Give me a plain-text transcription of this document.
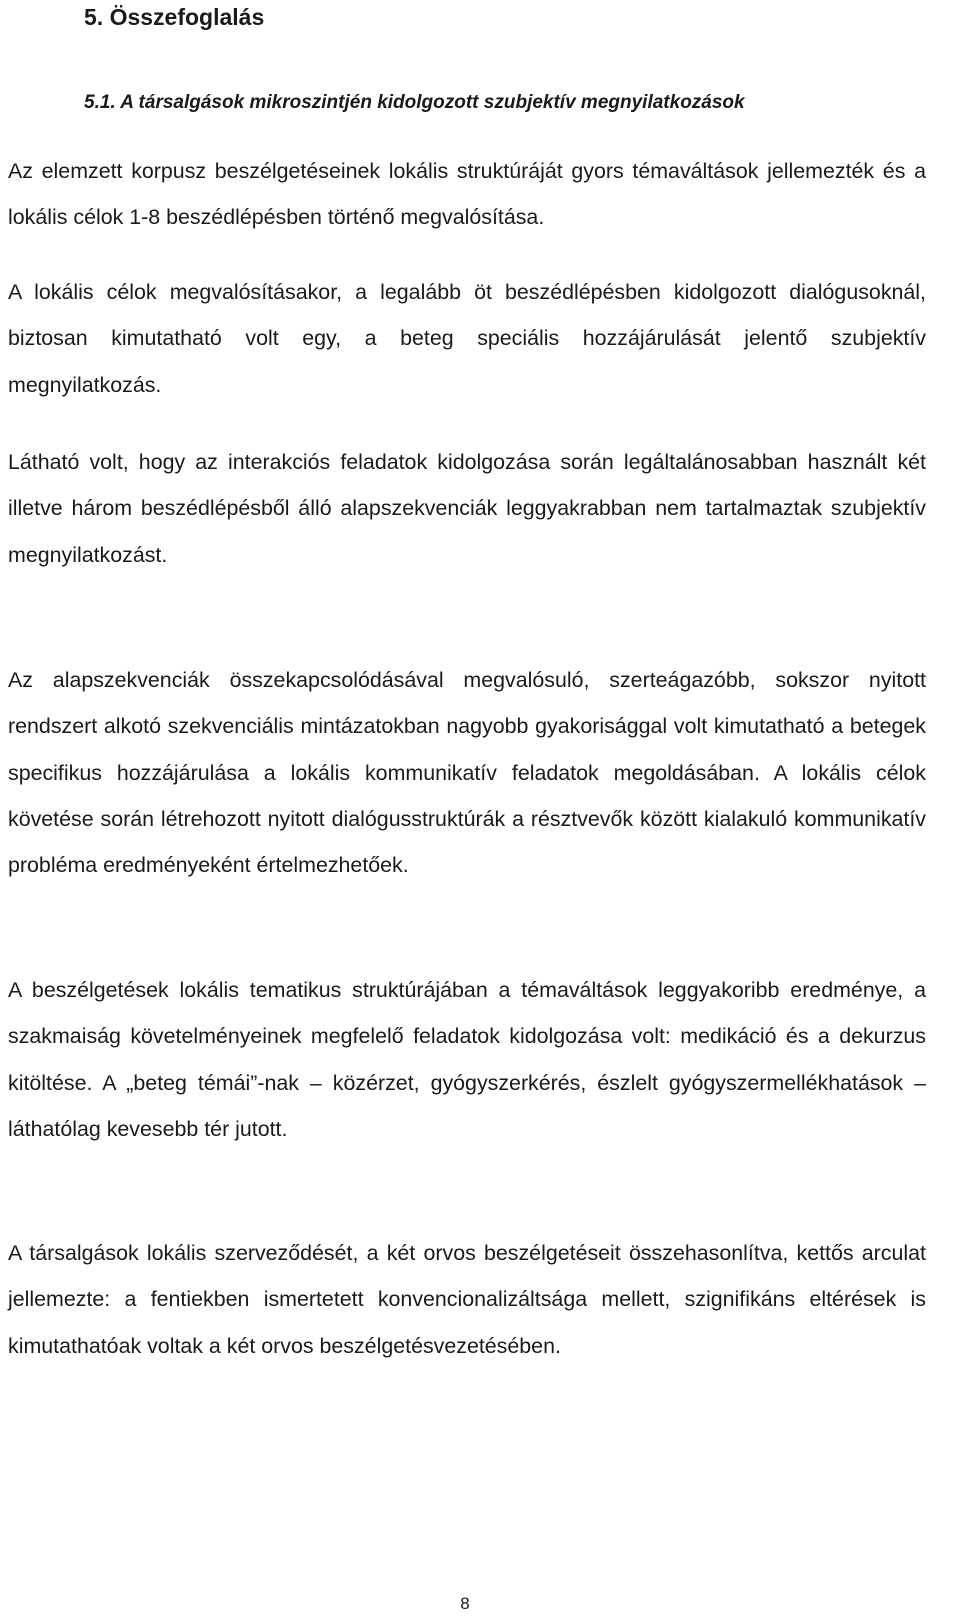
5. Összefoglalás
5.1. A társalgások mikroszintjén kidolgozott szubjektív megnyilatkozások

Az elemzett korpusz beszélgetéseinek lokális struktúráját gyors témaváltások jellemezték és a lokális célok 1-8 beszédlépésben történő megvalósítása.

A lokális célok megvalósításakor, a legalább öt beszédlépésben kidolgozott dialógusoknál, biztosan kimutatható volt egy, a beteg speciális hozzájárulását jelentő szubjektív megnyilatkozás.

Látható volt, hogy az interakciós feladatok kidolgozása során legáltalánosabban használt két illetve három beszédlépésből álló alapszekvenciák leggyakrabban nem tartalmaztak szubjektív megnyilatkozást.

Az alapszekvenciák összekapcsolódásával megvalósuló, szerteágazóbb, sokszor nyitott rendszert alkotó szekvenciális mintázatokban nagyobb gyakorisággal volt kimutatható a betegek specifikus hozzájárulása a lokális kommunikatív feladatok megoldásában. A lokális célok követése során létrehozott nyitott dialógusstruktúrák a résztvevők között kialakuló kommunikatív probléma eredményeként értelmezhetőek.

A beszélgetések lokális tematikus struktúrájában a témaváltások leggyakoribb eredménye, a szakmaiság követelményeinek megfelelő feladatok kidolgozása volt: medikáció és a dekurzus kitöltése. A „beteg témái”-nak – közérzet, gyógyszerkérés, észlelt gyógyszermellékhatások – láthatólag kevesebb tér jutott.

A társalgások lokális szerveződését, a két orvos beszélgetéseit összehasonlítva, kettős arculat jellemezte: a fentiekben ismertetett konvencionalizáltsága mellett, szignifikáns eltérések is kimutathatóak voltak a két orvos beszélgetésvezetésében.

8
